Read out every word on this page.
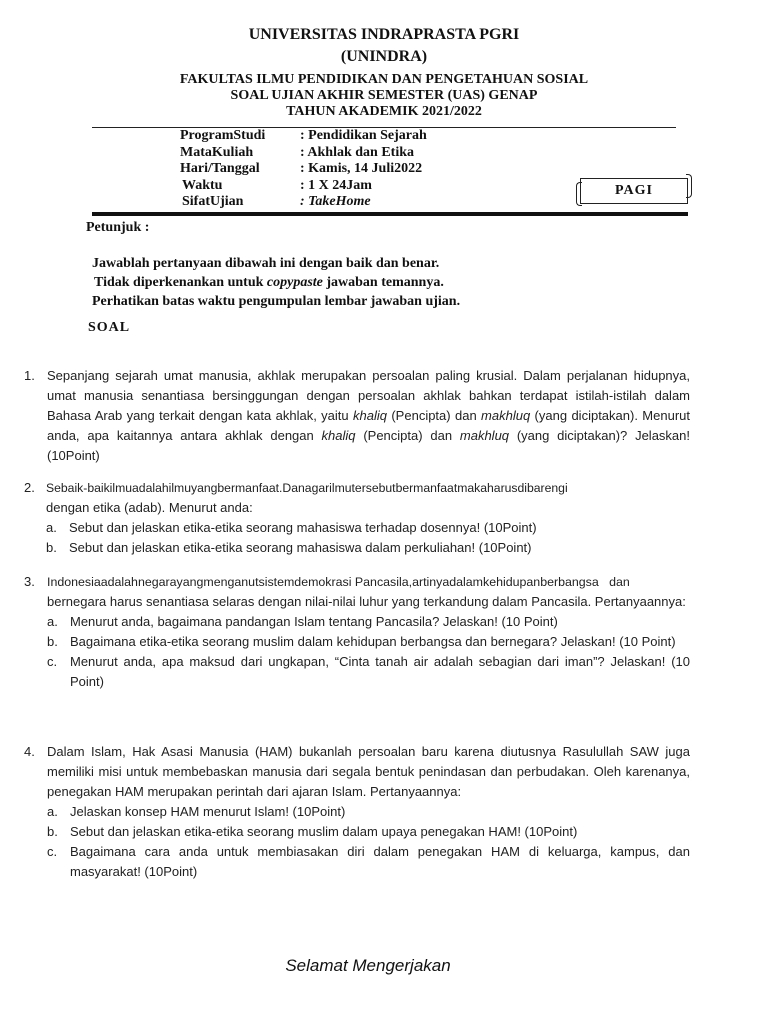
UNIVERSITAS INDRAPRASTA PGRI
(UNINDRA)
FAKULTAS ILMU PENDIDIKAN DAN PENGETAHUAN SOSIAL
SOAL UJIAN AKHIR SEMESTER (UAS) GENAP
TAHUN AKADEMIK 2021/2022
ProgramStudi : Pendidikan Sejarah
MataKuliah	: Akhlak dan Etika
Hari/Tanggal	: Kamis, 14 Juli2022
Waktu	: 1 X 24Jam
SifatUjian	: TakeHome
PAGI
Petunjuk :
Jawablah pertanyaan dibawah ini dengan baik dan benar.
Tidak diperkenankan untuk copypaste jawaban temannya.
Perhatikan batas waktu pengumpulan lembar jawaban ujian.
SOAL
1. Sepanjang sejarah umat manusia, akhlak merupakan persoalan paling krusial. Dalam perjalanan hidupnya, umat manusia senantiasa bersinggungan dengan persoalan akhlak bahkan terdapat istilah-istilah dalam Bahasa Arab yang terkait dengan kata akhlak, yaitu khaliq (Pencipta) dan makhluq (yang diciptakan). Menurut anda, apa kaitannya antara akhlak dengan khaliq (Pencipta) dan makhluq (yang diciptakan)? Jelaskan! (10Point)
2. Sebaik-baikilmuadalahilmuyangbermanfaat.Danagarilmutersebutbermanfaatmakaharusdibarengi
dengan etika (adab). Menurut anda:
a. Sebut dan jelaskan etika-etika seorang mahasiswa terhadap dosennya! (10Point)
b. Sebut dan jelaskan etika-etika seorang mahasiswa dalam perkuliahan! (10Point)
3. Indonesiaadalahnegarayangmenganutsistemdemokrasi Pancasila,artinyadalamkehidupanberbangsa   dan
bernegara harus senantiasa selaras dengan nilai-nilai luhur yang terkandung dalam Pancasila. Pertanyaannya:
a. Menurut anda, bagaimana pandangan Islam tentang Pancasila? Jelaskan! (10 Point)
b. Bagaimana etika-etika seorang muslim dalam kehidupan berbangsa dan bernegara? Jelaskan! (10 Point)
c. Menurut anda, apa maksud dari ungkapan, “Cinta tanah air adalah sebagian dari iman”? Jelaskan! (10 Point)
4. Dalam Islam, Hak Asasi Manusia (HAM) bukanlah persoalan baru karena diutusnya Rasulullah SAW juga memiliki misi untuk membebaskan manusia dari segala bentuk penindasan dan perbudakan. Oleh karenanya, penegakan HAM merupakan perintah dari ajaran Islam. Pertanyaannya:
a. Jelaskan konsep HAM menurut Islam! (10Point)
b. Sebut dan jelaskan etika-etika seorang muslim dalam upaya penegakan HAM! (10Point)
c. Bagaimana cara anda untuk membiasakan diri dalam penegakan HAM di keluarga, kampus, dan masyarakat! (10Point)
Selamat Mengerjakan
